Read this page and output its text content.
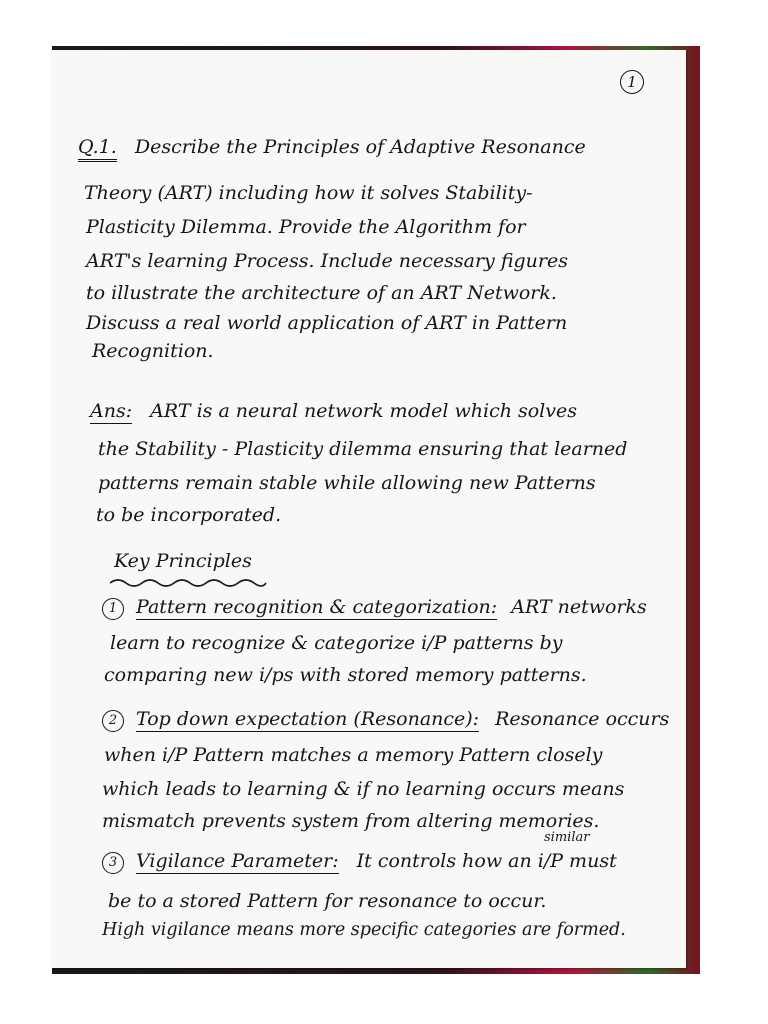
1
Q.1. Describe the Principles of Adaptive Resonance
Theory (ART) including how it solves Stability-
Plasticity Dilemma. Provide the Algorithm for
ART's learning Process. Include necessary figures
to illustrate the architecture of an ART Network.
Discuss a real world application of ART in Pattern
Recognition.
Ans: ART is a neural network model which solves
the Stability - Plasticity dilemma ensuring that learned
patterns remain stable while allowing new Patterns
to be incorporated.
Key Principles
1 Pattern recognition & categorization: ART networks
learn to recognize & categorize i/P patterns by
comparing new i/ps with stored memory patterns.
2 Top down expectation (Resonance): Resonance occurs
when i/P Pattern matches a memory Pattern closely
which leads to learning & if no learning occurs means
mismatch prevents system from altering memories.
similar
3 Vigilance Parameter: It controls how an i/P must
be to a stored Pattern for resonance to occur.
High vigilance means more specific categories are formed.
